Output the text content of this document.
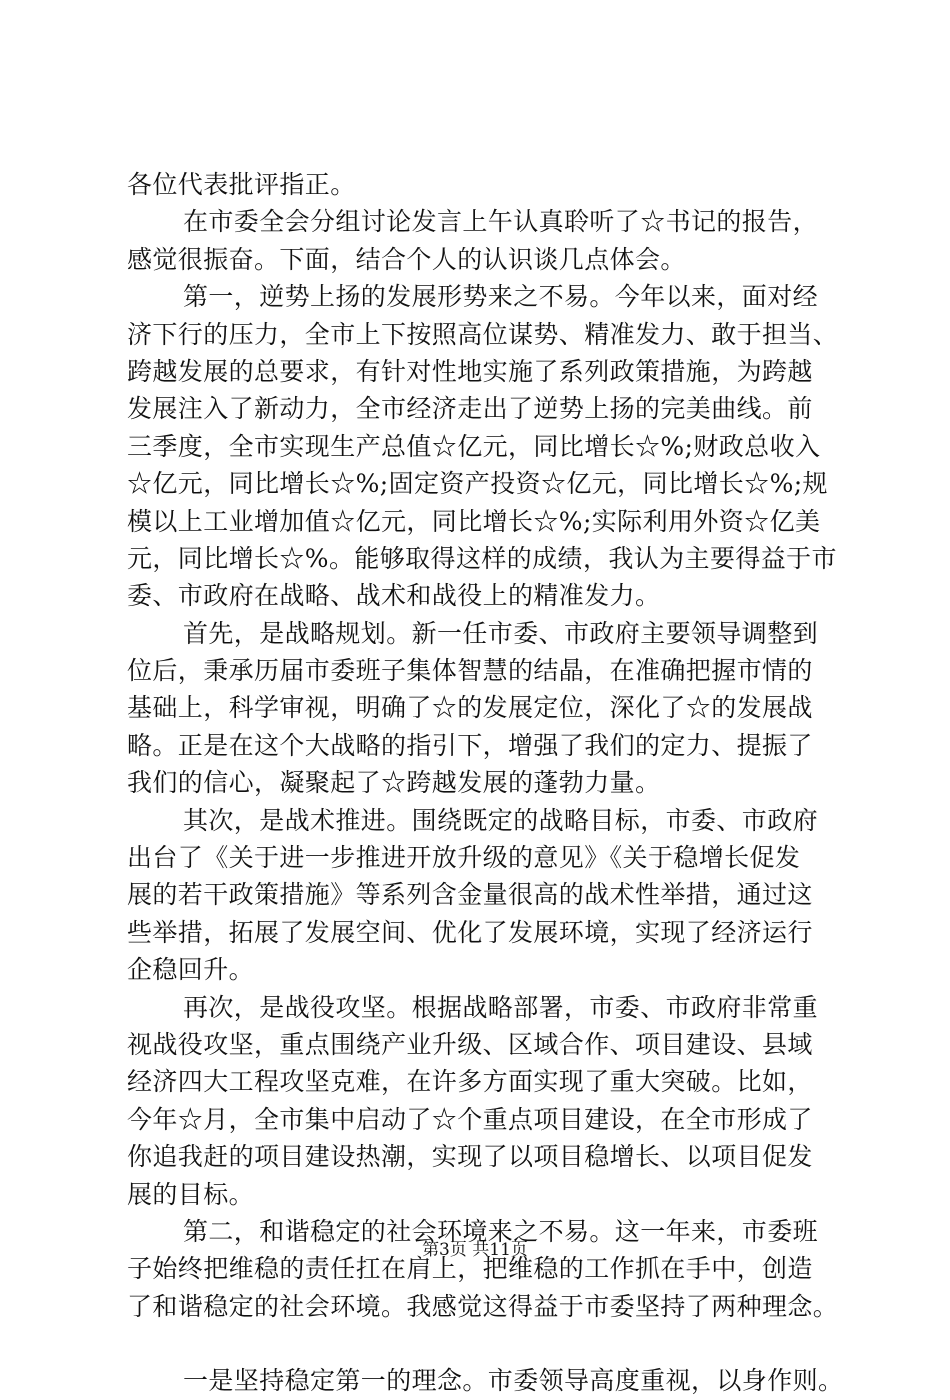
各位代表批评指正。
在市委全会分组讨论发言上午认真聆听了☆书记的报告，
感觉很振奋。下面，结合个人的认识谈几点体会。
第一，逆势上扬的发展形势来之不易。今年以来，面对经
济下行的压力，全市上下按照高位谋势、精准发力、敢于担当、
跨越发展的总要求，有针对性地实施了系列政策措施，为跨越
发展注入了新动力，全市经济走出了逆势上扬的完美曲线。前
三季度，全市实现生产总值☆亿元，同比增长☆%;财政总收入
☆亿元，同比增长☆%;固定资产投资☆亿元，同比增长☆%;规
模以上工业增加值☆亿元，同比增长☆%;实际利用外资☆亿美
元，同比增长☆%。能够取得这样的成绩，我认为主要得益于市
委、市政府在战略、战术和战役上的精准发力。
首先，是战略规划。新一任市委、市政府主要领导调整到
位后，秉承历届市委班子集体智慧的结晶，在准确把握市情的
基础上，科学审视，明确了☆的发展定位，深化了☆的发展战
略。正是在这个大战略的指引下，增强了我们的定力、提振了
我们的信心，凝聚起了☆跨越发展的蓬勃力量。
其次，是战术推进。围绕既定的战略目标，市委、市政府
出台了《关于进一步推进开放升级的意见》《关于稳增长促发
展的若干政策措施》等系列含金量很高的战术性举措，通过这
些举措，拓展了发展空间、优化了发展环境，实现了经济运行
企稳回升。
再次，是战役攻坚。根据战略部署，市委、市政府非常重
视战役攻坚，重点围绕产业升级、区域合作、项目建设、县域
经济四大工程攻坚克难，在许多方面实现了重大突破。比如，
今年☆月，全市集中启动了☆个重点项目建设，在全市形成了
你追我赶的项目建设热潮，实现了以项目稳增长、以项目促发
展的目标。
第二，和谐稳定的社会环境来之不易。这一年来，市委班
子始终把维稳的责任扛在肩上，把维稳的工作抓在手中，创造
了和谐稳定的社会环境。我感觉这得益于市委坚持了两种理念。
一是坚持稳定第一的理念。市委领导高度重视，以身作则。
第3页 共11页
